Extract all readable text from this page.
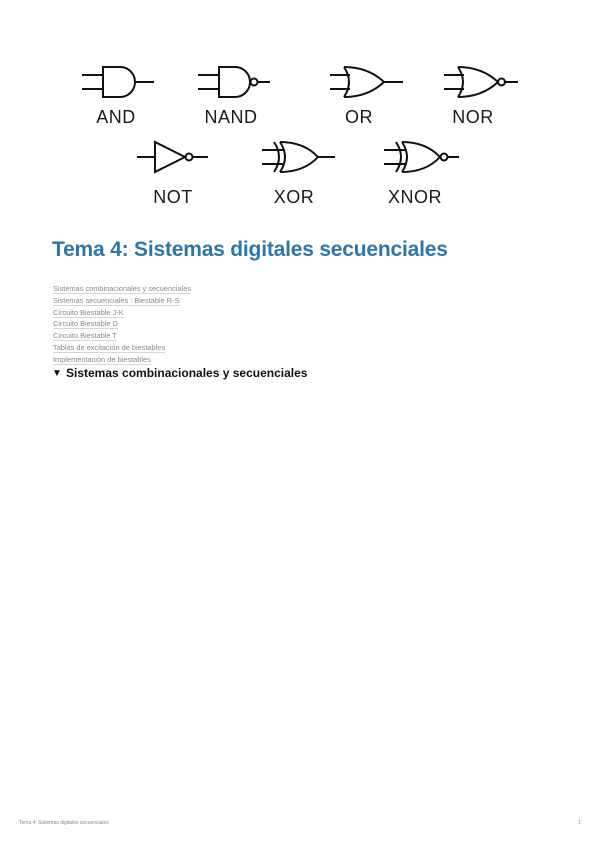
AND	NAND	OR	NOR
NOT	XOR	XNOR
Tema 4: Sistemas digitales secuenciales
Sistemas combinacionales y secuenciales
Sistemas secuenciales : Biestable R-S
Circuito Biestable J-K
Circuito Biestable D
Circuito Biestable T
Tablas de excitación de biestables
Implementación de biestables
▼ Sistemas combinacionales y secuenciales
Tema 4: Sistemas digitales secuenciales	1
